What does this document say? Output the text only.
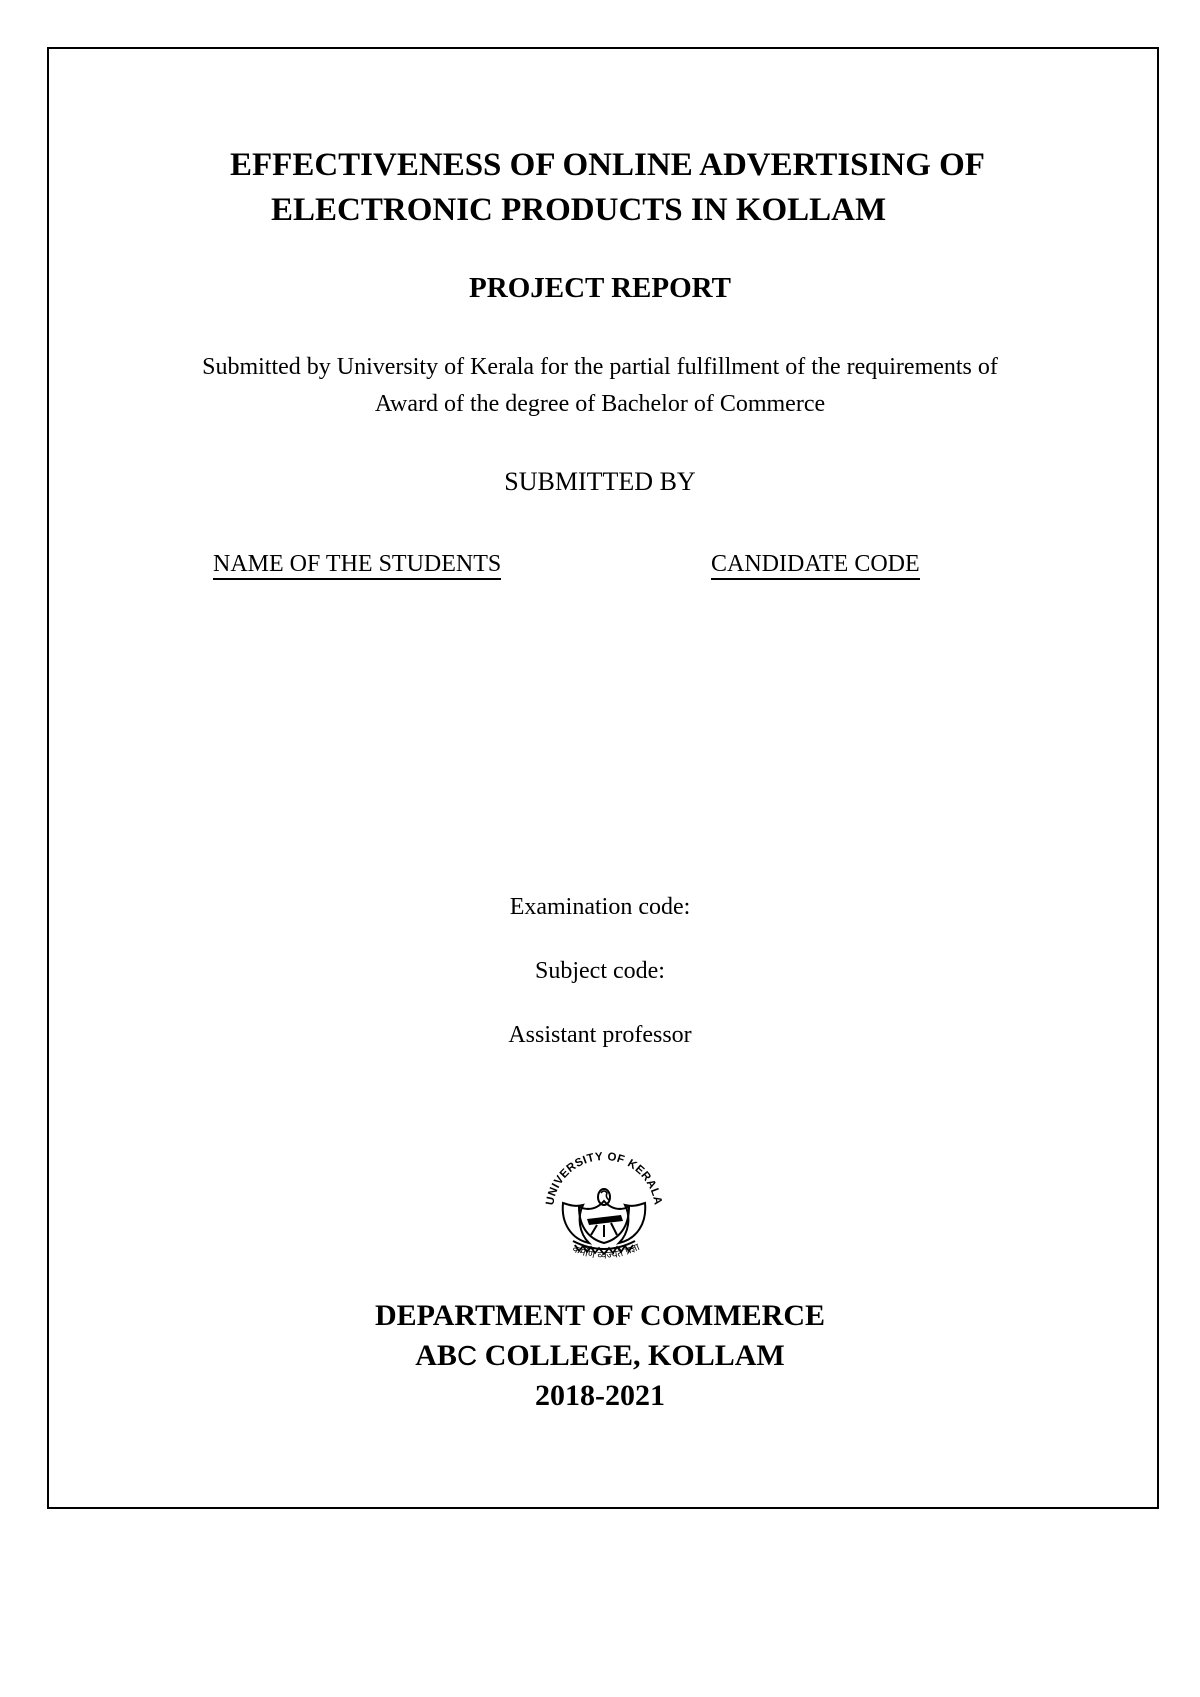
EFFECTIVENESS OF ONLINE ADVERTISING OF
ELECTRONIC PRODUCTS IN KOLLAM
PROJECT REPORT
Submitted by University of Kerala for the partial fulfillment of the requirements of
Award of the degree of Bachelor of Commerce
SUBMITTED BY
NAME OF THE STUDENTS	CANDIDATE CODE
Examination code:
Subject code:
Assistant professor
UNIVERSITY OF KERALA
कर्मणि व्यज्यते प्रज्ञा
DEPARTMENT OF COMMERCE
ABC COLLEGE, KOLLAM
2018-2021
